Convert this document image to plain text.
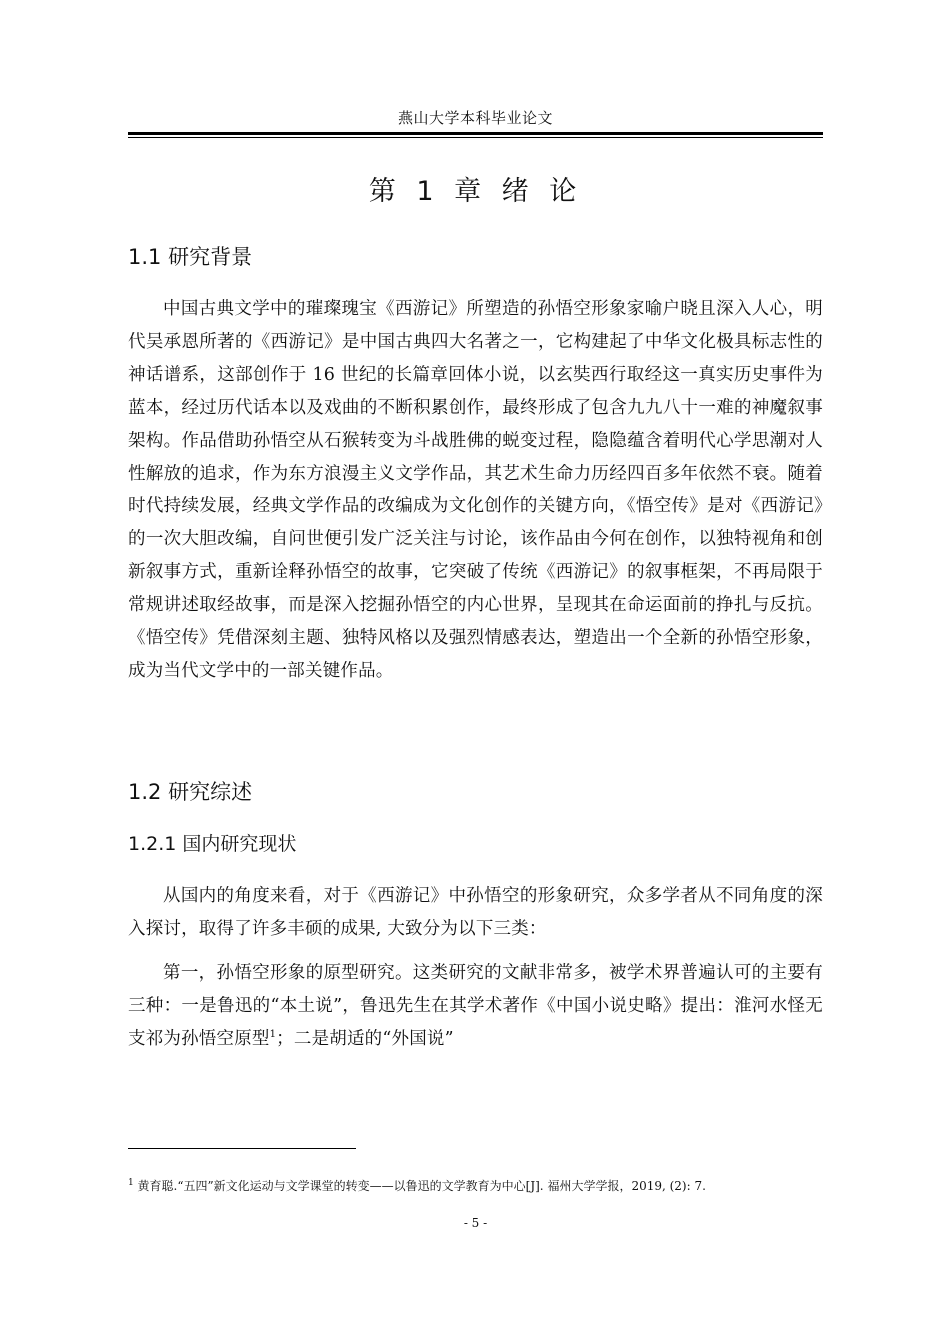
燕山大学本科毕业论文
第 1 章 绪 论
1.1 研究背景
中国古典文学中的璀璨瑰宝《西游记》所塑造的孙悟空形象家喻户晓且深入人心，明代吴承恩所著的《西游记》是中国古典四大名著之一，它构建起了中华文化极具标志性的神话谱系，这部创作于 16 世纪的长篇章回体小说，以玄奘西行取经这一真实历史事件为蓝本，经过历代话本以及戏曲的不断积累创作，最终形成了包含九九八十一难的神魔叙事架构。作品借助孙悟空从石猴转变为斗战胜佛的蜕变过程，隐隐蕴含着明代心学思潮对人性解放的追求，作为东方浪漫主义文学作品，其艺术生命力历经四百多年依然不衰。随着时代持续发展，经典文学作品的改编成为文化创作的关键方向，《悟空传》是对《西游记》的一次大胆改编，自问世便引发广泛关注与讨论，该作品由今何在创作，以独特视角和创新叙事方式，重新诠释孙悟空的故事，它突破了传统《西游记》的叙事框架，不再局限于常规讲述取经故事，而是深入挖掘孙悟空的内心世界，呈现其在命运面前的挣扎与反抗。《悟空传》凭借深刻主题、独特风格以及强烈情感表达，塑造出一个全新的孙悟空形象，成为当代文学中的一部关键作品。
1.2 研究综述
1.2.1 国内研究现状
从国内的角度来看，对于《西游记》中孙悟空的形象研究，众多学者从不同角度的深入探讨，取得了许多丰硕的成果, 大致分为以下三类：
第一，孙悟空形象的原型研究。这类研究的文献非常多，被学术界普遍认可的主要有三种：一是鲁迅的“本土说”，鲁迅先生在其学术著作《中国小说史略》提出：淮河水怪无支祁为孙悟空原型$^1$；二是胡适的“外国说”
$^1$ 黄育聪.“五四”新文化运动与文学课堂的转变——以鲁迅的文学教育为中心[J]. 福州大学学报，2019, (2): 7.
- 5 -
